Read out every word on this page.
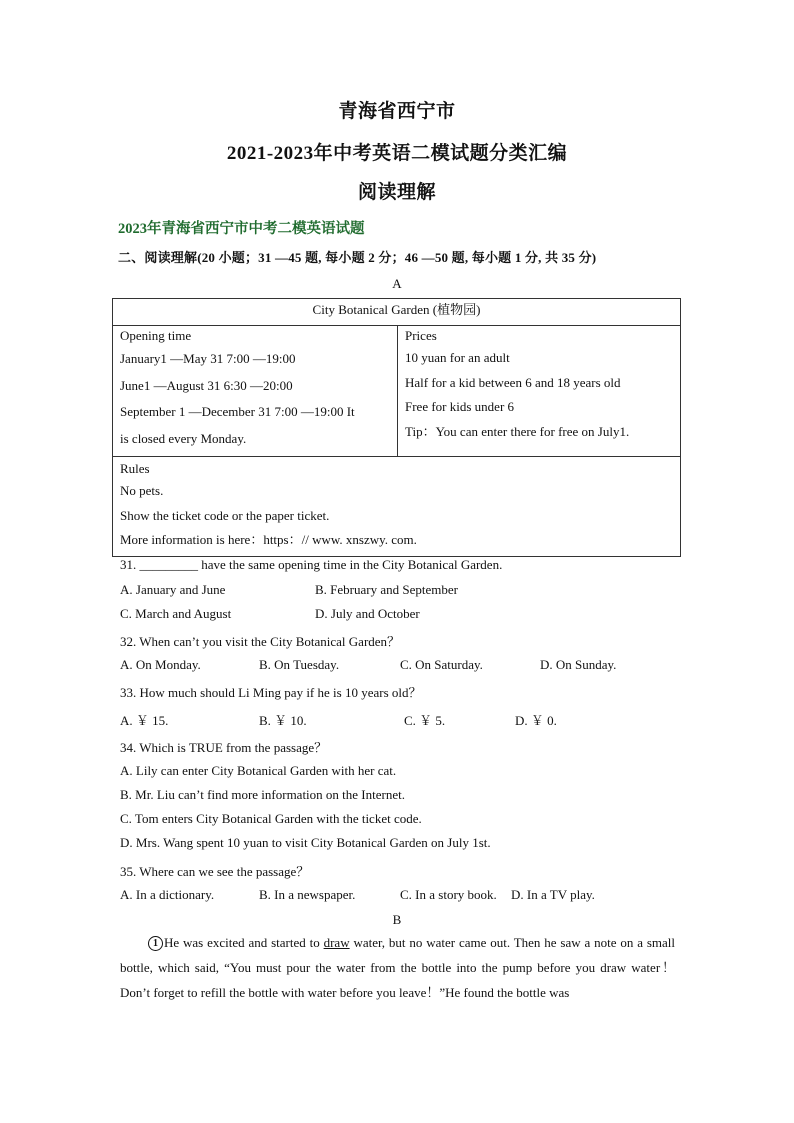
青海省西宁市
2021-2023年中考英语二模试题分类汇编
阅读理解
2023年青海省西宁市中考二模英语试题
二、阅读理解(20 小题；31 —45 题, 每小题 2 分；46 —50 题, 每小题 1 分, 共 35 分)
A
City Botanical Garden (植物园)

Opening time
January1 —May 31 7:00 —19:00
June1 —August 31 6:30 —20:00
September 1 —December 31 7:00 —19:00 It
is closed every Monday.

Prices
10 yuan for an adult
Half for a kid between 6 and 18 years old
Free for kids under 6
Tip：You can enter there for free on July1.

Rules
No pets.
Show the ticket code or the paper ticket.
More information is here：https：// www. xnszwy. com.
31. _________ have the same opening time in the City Botanical Garden.
A. January and June	B. February and September
C. March and August	D. July and October
32. When can’t you visit the City Botanical Garden？
A. On Monday.	B. On Tuesday.	C. On Saturday.	D. On Sunday.
33. How much should Li Ming pay if he is 10 years old？
A. ￥ 15.	B. ￥ 10.	C. ￥ 5.	D. ￥ 0.
34. Which is TRUE from the passage？
A. Lily can enter City Botanical Garden with her cat.
B. Mr. Liu can’t find more information on the Internet.
C. Tom enters City Botanical Garden with the ticket code.
D. Mrs. Wang spent 10 yuan to visit City Botanical Garden on July 1st.
35. Where can we see the passage？
A. In a dictionary.	B. In a newspaper.	C. In a story book. D. In a TV play.
B
1 He was excited and started to draw water, but no water came out. Then he saw a note on a small bottle, which said, “You must pour the water from the bottle into the pump before you draw water！ Don’t forget to refill the bottle with water before you leave！”He found the bottle was
